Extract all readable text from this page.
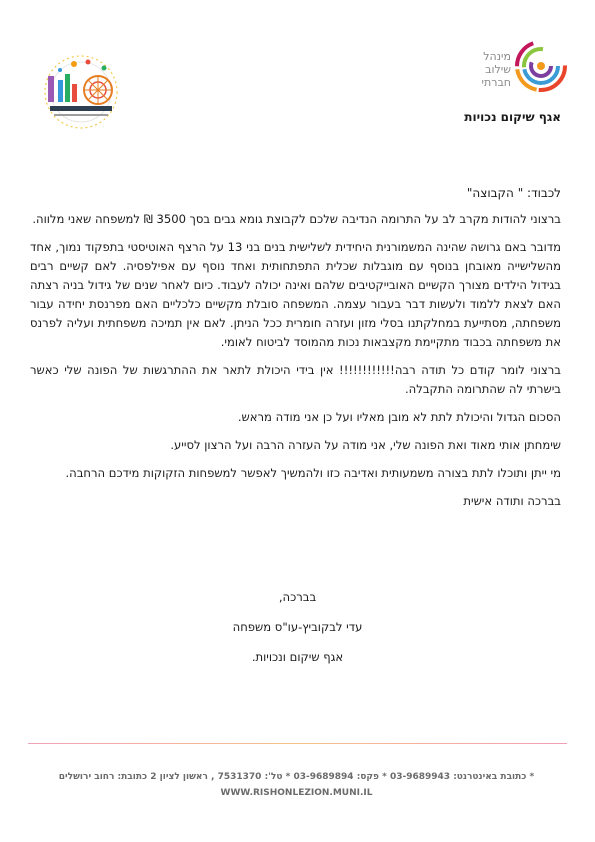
מינהל
שילוב
חברתי
אגף שיקום נכויות

לכבוד: " הקבוצה"

ברצוני להודות מקרב לב על התרומה הנדיבה שלכם לקבוצת גומא גבים בסך 3500 ₪ למשפחה שאני מלווה.

מדובר באם גרושה שהינה המשמורנית היחידית לשלישית בנים בני 13 על הרצף האוטיסטי בתפקוד נמוך, אחד מהשלישייה מאובחן בנוסף עם מוגבלות שכלית התפתחותית ואחד נוסף עם אפילפסיה. לאם קשיים רבים בגידול הילדים מצורך הקשיים האובייקטיבים שלהם ואינה יכולה לעבוד. כיום לאחר שנים של גידול בניה רצתה האם לצאת ללמוד ולעשות דבר בעבור עצמה. המשפחה סובלת מקשיים כלכליים האם מפרנסת יחידה עבור משפחתה, מסתייעת במחלקתנו בסלי מזון ועזרה חומרית ככל הניתן. לאם אין תמיכה משפחתית ועליה לפרנס את משפחתה בכבוד מתקיימת מקצבאות נכות מהמוסד לביטוח לאומי.

ברצוני לומר קודם כל תודה רבה!!!!!!!!!!!! אין בידי היכולת לתאר את ההתרגשות של הפונה שלי כאשר בישרתי לה שהתרומה התקבלה.

הסכום הגדול והיכולת לתת לא מובן מאליו ועל כן אני מודה מראש.

שימחתן אותי מאוד ואת הפונה שלי, אני מודה על העזרה הרבה ועל הרצון לסייע.

מי ייתן ותוכלו לתת בצורה משמעותית ואדיבה כזו ולהמשיך לאפשר למשפחות הזקוקות מידכם הרחבה.

בברכה ותודה אישית

בברכה,
עדי לבקוביץ-עו"ס משפחה
אגף שיקום ונכויות.
* כתובת באינטרנט: 03-9689943 * פקס: 03-9689894 * טל': 7531370 , ראשון לציון 2 כתובת: רחוב ירושלים
WWW.RISHONLEZION.MUNI.IL
